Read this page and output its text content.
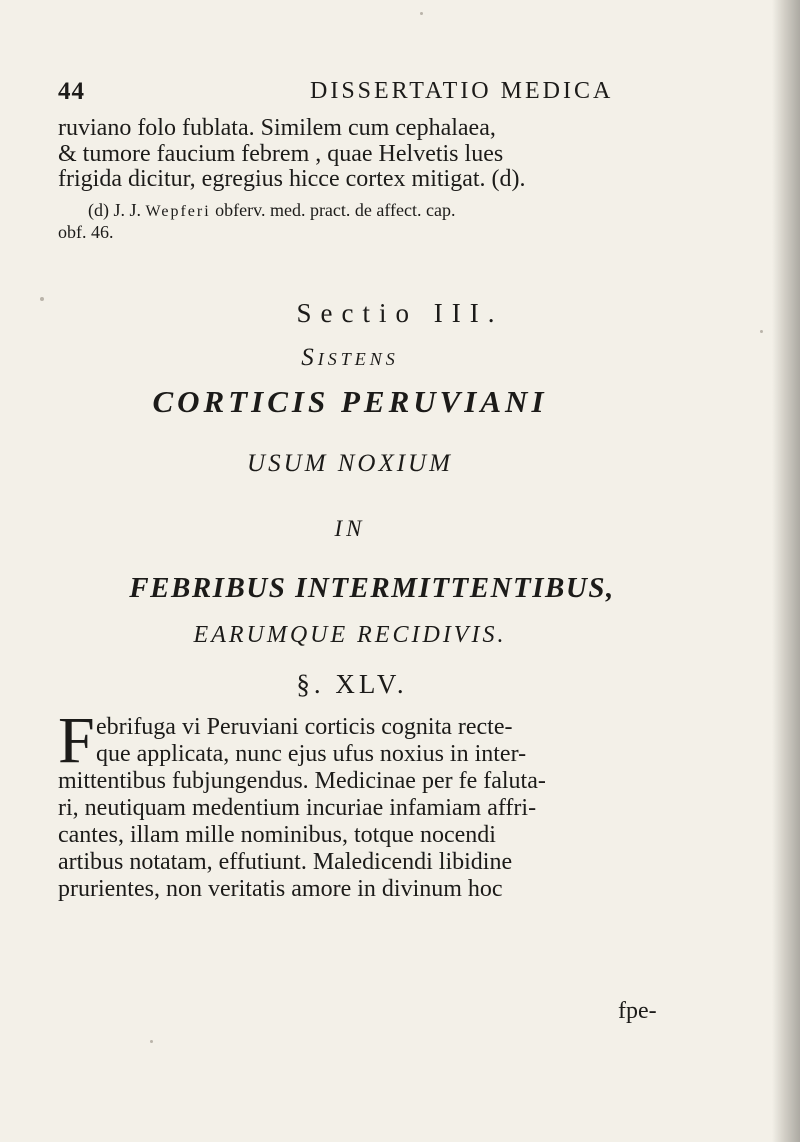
44	DISSERTATIO MEDICA
ruviano folo fublata. Similem cum cephalaea,
& tumore faucium febrem , quae Helvetis lues
frigida dicitur, egregius hicce cortex mitigat. (d).
(d) J. J. Wepferi obferv. med. pract. de affect. cap.
obf. 46.
Sectio III.
Sistens
CORTICIS PERUVIANI
USUM NOXIUM
IN
FEBRIBUS INTERMITTENTIBUS,
EARUMQUE RECIDIVIS.
§. XLV.
F ebrifuga vi Peruviani corticis cognita recte-
que applicata, nunc ejus ufus noxius in inter-
mittentibus fubjungendus. Medicinae per fe faluta-
ri, neutiquam medentium incuriae infamiam affri-
cantes, illam mille nominibus, totque nocendi
artibus notatam, effutiunt. Maledicendi libidine
prurientes, non veritatis amore in divinum hoc
fpe-
